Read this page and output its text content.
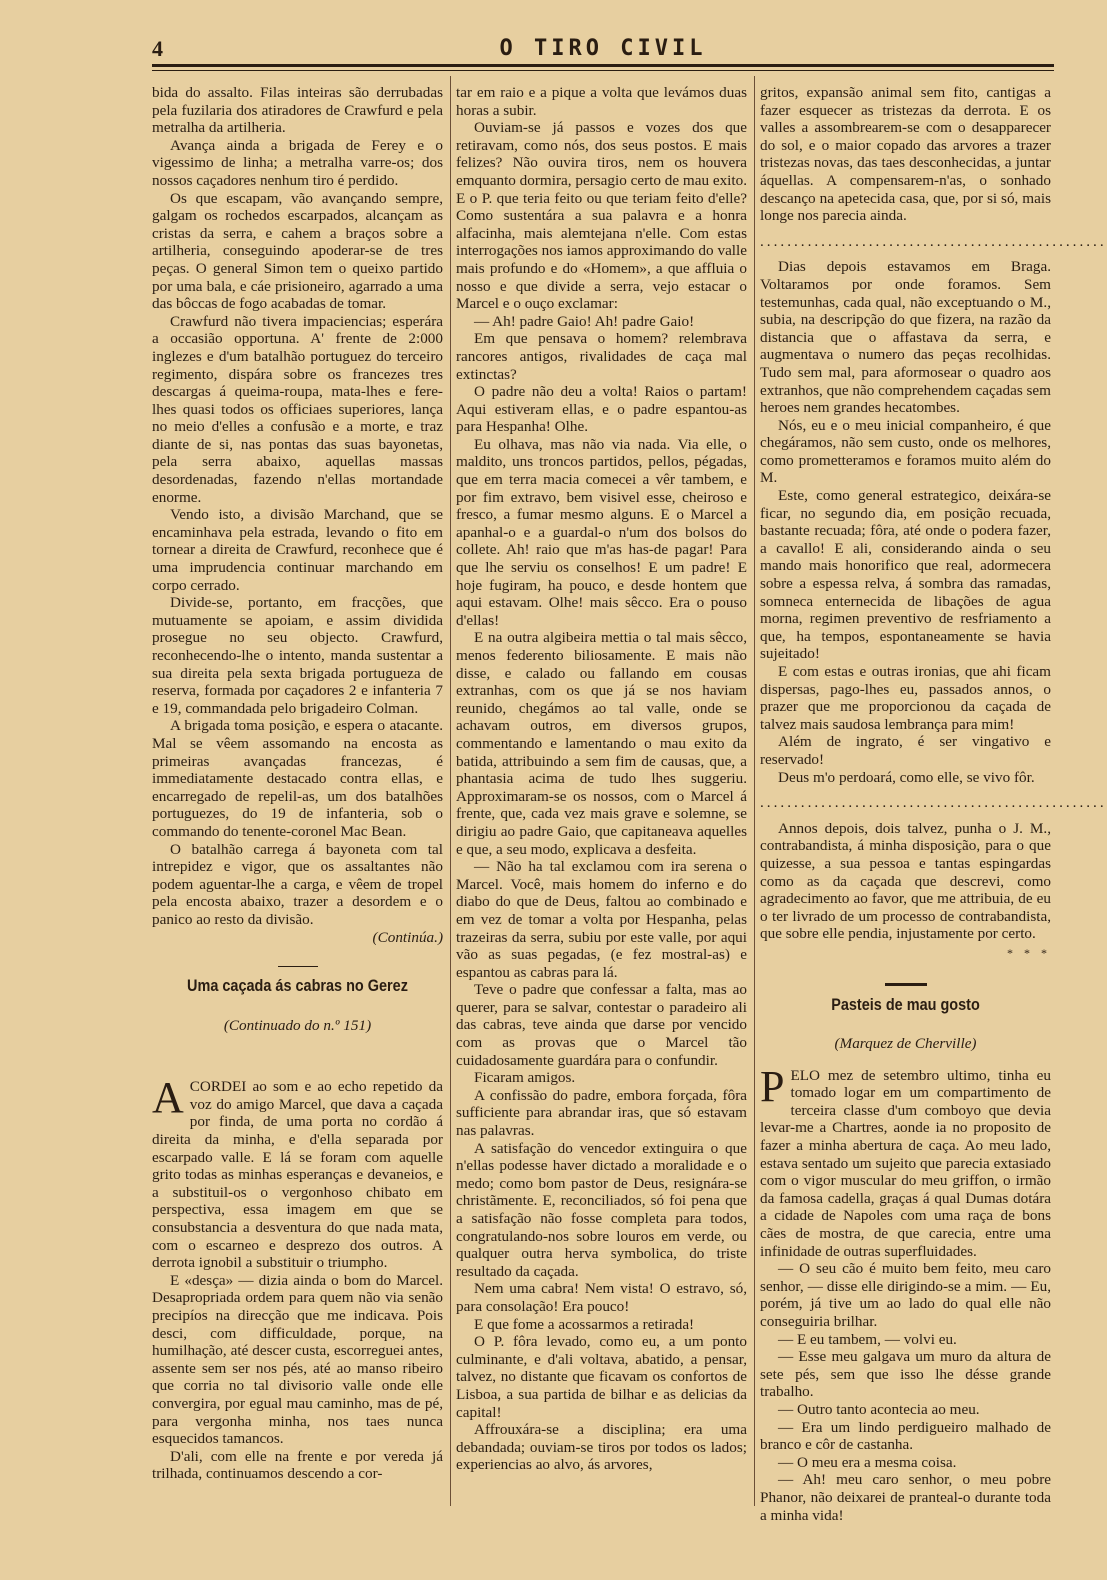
4	O TIRO CIVIL

bida do assalto. Filas inteiras são derrubadas pela fuzilaria dos atiradores de Crawfurd e pela metralha da artilheria.

Avança ainda a brigada de Ferey e o vigessimo de linha; a metralha varre-os; dos nossos caçadores nenhum tiro é perdido.

Os que escapam, vão avançando sempre, galgam os rochedos escarpados, alcançam as cristas da serra, e cahem a braços sobre a artilheria, conseguindo apoderar-se de tres peças. O general Simon tem o queixo partido por uma bala, e cáe prisioneiro, agarrado a uma das bôccas de fogo acabadas de tomar.

Crawfurd não tivera impaciencias; esperára a occasião opportuna. A' frente de 2:000 inglezes e d'um batalhão portuguez do terceiro regimento, dispára sobre os francezes tres descargas á queima-roupa, mata-lhes e fere-lhes quasi todos os officiaes superiores, lança no meio d'elles a confusão e a morte, e traz diante de si, nas pontas das suas bayonetas, pela serra abaixo, aquellas massas desordenadas, fazendo n'ellas mortandade enorme.

Vendo isto, a divisão Marchand, que se encaminhava pela estrada, levando o fito em tornear a direita de Crawfurd, reconhece que é uma imprudencia continuar marchando em corpo cerrado.

Divide-se, portanto, em fracções, que mutuamente se apoiam, e assim dividida prosegue no seu objecto. Crawfurd, reconhecendo-lhe o intento, manda sustentar a sua direita pela sexta brigada portugueza de reserva, formada por caçadores 2 e infanteria 7 e 19, commandada pelo brigadeiro Colman.

A brigada toma posição, e espera o atacante. Mal se vêem assomando na encosta as primeiras avançadas francezas, é immediatamente destacado contra ellas, e encarregado de repelil-as, um dos batalhões portuguezes, do 19 de infanteria, sob o commando do tenente-coronel Mac Bean.

O batalhão carrega á bayoneta com tal intrepidez e vigor, que os assaltantes não podem aguentar-lhe a carga, e vêem de tropel pela encosta abaixo, trazer a desordem e o panico ao resto da divisão.

(Continúa.)

Uma caçada ás cabras no Gerez
(Continuado do n.º 151)

ACORDEI ao som e ao echo repetido da voz do amigo Marcel, que dava a caçada por finda, de uma porta no cordão á direita da minha, e d'ella separada por escarpado valle. E lá se foram com aquelle grito todas as minhas esperanças e devaneios, e a substituil-os o vergonhoso chibato em perspectiva, essa imagem em que se consubstancia a desventura do que nada mata, com o escarneo e desprezo dos outros. A derrota ignobil a substituir o triumpho.

E «desça» — dizia ainda o bom do Marcel. Desapropriada ordem para quem não via senão precipíos na direcção que me indicava. Pois desci, com difficuldade, porque, na humilhação, até descer custa, escorreguei antes, assente sem ser nos pés, até ao manso ribeiro que corria no tal divisorio valle onde elle convergira, por egual mau caminho, mas de pé, para vergonha minha, nos taes nunca esquecidos tamancos.

D'ali, com elle na frente e por vereda já trilhada, continuamos descendo a cor-

tar em raio e a pique a volta que levámos duas horas a subir.

Ouviam-se já passos e vozes dos que retiravam, como nós, dos seus postos. E mais felizes? Não ouvira tiros, nem os houvera emquanto dormira, persagio certo de mau exito. E o P. que teria feito ou que teriam feito d'elle? Como sustentára a sua palavra e a honra alfacinha, mais alemtejana n'elle. Com estas interrogações nos iamos approximando do valle mais profundo e do «Homem», a que affluia o nosso e que divide a serra, vejo estacar o Marcel e o ouço exclamar:

— Ah! padre Gaio! Ah! padre Gaio!

Em que pensava o homem? relembrava rancores antigos, rivalidades de caça mal extinctas?

O padre não deu a volta! Raios o partam! Aqui estiveram ellas, e o padre espantou-as para Hespanha! Olhe.

Eu olhava, mas não via nada. Via elle, o maldito, uns troncos partidos, pellos, pégadas, que em terra macia comecei a vêr tambem, e por fim extravo, bem visivel esse, cheiroso e fresco, a fumar mesmo alguns. E o Marcel a apanhal-o e a guardal-o n'um dos bolsos do collete. Ah! raio que m'as has-de pagar! Para que lhe serviu os conselhos! E um padre! E hoje fugiram, ha pouco, e desde hontem que aqui estavam. Olhe! mais sêcco. Era o pouso d'ellas!

E na outra algibeira mettia o tal mais sêcco, menos federento biliosamente. E mais não disse, e calado ou fallando em cousas extranhas, com os que já se nos haviam reunido, chegámos ao tal valle, onde se achavam outros, em diversos grupos, commentando e lamentando o mau exito da batida, attribuindo a sem fim de causas, que, a phantasia acima de tudo lhes suggeriu. Approximaram-se os nossos, com o Marcel á frente, que, cada vez mais grave e solemne, se dirigiu ao padre Gaio, que capitaneava aquelles e que, a seu modo, explicava a desfeita.

— Não ha tal exclamou com ira serena o Marcel. Você, mais homem do inferno e do diabo do que de Deus, faltou ao combinado e em vez de tomar a volta por Hespanha, pelas trazeiras da serra, subiu por este valle, por aqui vão as suas pegadas, (e fez mostral-as) e espantou as cabras para lá.

Teve o padre que confessar a falta, mas ao querer, para se salvar, contestar o paradeiro ali das cabras, teve ainda que darse por vencido com as provas que o Marcel tão cuidadosamente guardára para o confundir.

Ficaram amigos.

A confissão do padre, embora forçada, fôra sufficiente para abrandar iras, que só estavam nas palavras.

A satisfação do vencedor extinguira o que n'ellas podesse haver dictado a moralidade e o medo; como bom pastor de Deus, resignára-se christãmente. E, reconciliados, só foi pena que a satisfação não fosse completa para todos, congratulando-nos sobre louros em verde, ou qualquer outra herva symbolica, do triste resultado da caçada.

Nem uma cabra! Nem vista! O estravo, só, para consolação! Era pouco!

E que fome a acossarmos a retirada!

O P. fôra levado, como eu, a um ponto culminante, e d'ali voltava, abatido, a pensar, talvez, no distante que ficavam os confortos de Lisboa, a sua partida de bilhar e as delicias da capital!

Affrouxára-se a disciplina; era uma debandada; ouviam-se tiros por todos os lados; experiencias ao alvo, ás arvores,

gritos, expansão animal sem fito, cantigas a fazer esquecer as tristezas da derrota. E os valles a assombrearem-se com o desapparecer do sol, e o maior copado das arvores a trazer tristezas novas, das taes desconhecidas, a juntar áquellas. A compensarem-n'as, o sonhado descanço na apetecida casa, que, por si só, mais longe nos parecia ainda.

...................................................

Dias depois estavamos em Braga. Voltaramos por onde foramos. Sem testemunhas, cada qual, não exceptuando o M., subia, na descripção do que fizera, na razão da distancia que o affastava da serra, e augmentava o numero das peças recolhidas. Tudo sem mal, para aformosear o quadro aos extranhos, que não comprehendem caçadas sem heroes nem grandes hecatombes.

Nós, eu e o meu inicial companheiro, é que chegáramos, não sem custo, onde os melhores, como prometteramos e foramos muito além do M.

Este, como general estrategico, deixára-se ficar, no segundo dia, em posição recuada, bastante recuada; fôra, até onde o podera fazer, a cavallo! E ali, considerando ainda o seu mando mais honorifico que real, adormecera sobre a espessa relva, á sombra das ramadas, somneca enternecida de libações de agua morna, regimen preventivo de resfriamento a que, ha tempos, espontaneamente se havia sujeitado!

E com estas e outras ironias, que ahi ficam dispersas, pago-lhes eu, passados annos, o prazer que me proporcionou da caçada de talvez mais saudosa lembrança para mim!

Além de ingrato, é ser vingativo e reservado!

Deus m'o perdoará, como elle, se vivo fôr.

...................................................

Annos depois, dois talvez, punha o J. M., contrabandista, á minha disposição, para o que quizesse, a sua pessoa e tantas espingardas como as da caçada que descrevi, como agradecimento ao favor, que me attribuia, de eu o ter livrado de um processo de contrabandista, que sobre elle pendia, injustamente por certo.

* * *
Pasteis de mau gosto
(Marquez de Cherville)

PELO mez de setembro ultimo, tinha eu tomado logar em um compartimento de terceira classe d'um comboyo que devia levar-me a Chartres, aonde ia no proposito de fazer a minha abertura de caça. Ao meu lado, estava sentado um sujeito que parecia extasiado com o vigor muscular do meu griffon, o irmão da famosa cadella, graças á qual Dumas dotára a cidade de Napoles com uma raça de bons cães de mostra, de que carecia, entre uma infinidade de outras superfluidades.

— O seu cão é muito bem feito, meu caro senhor, — disse elle dirigindo-se a mim. — Eu, porém, já tive um ao lado do qual elle não conseguiria brilhar.

— E eu tambem, — volvi eu.

— Esse meu galgava um muro da altura de sete pés, sem que isso lhe désse grande trabalho.

— Outro tanto acontecia ao meu.

— Era um lindo perdigueiro malhado de branco e côr de castanha.

— O meu era a mesma coisa.

— Ah! meu caro senhor, o meu pobre Phanor, não deixarei de pranteal-o durante toda a minha vida!
